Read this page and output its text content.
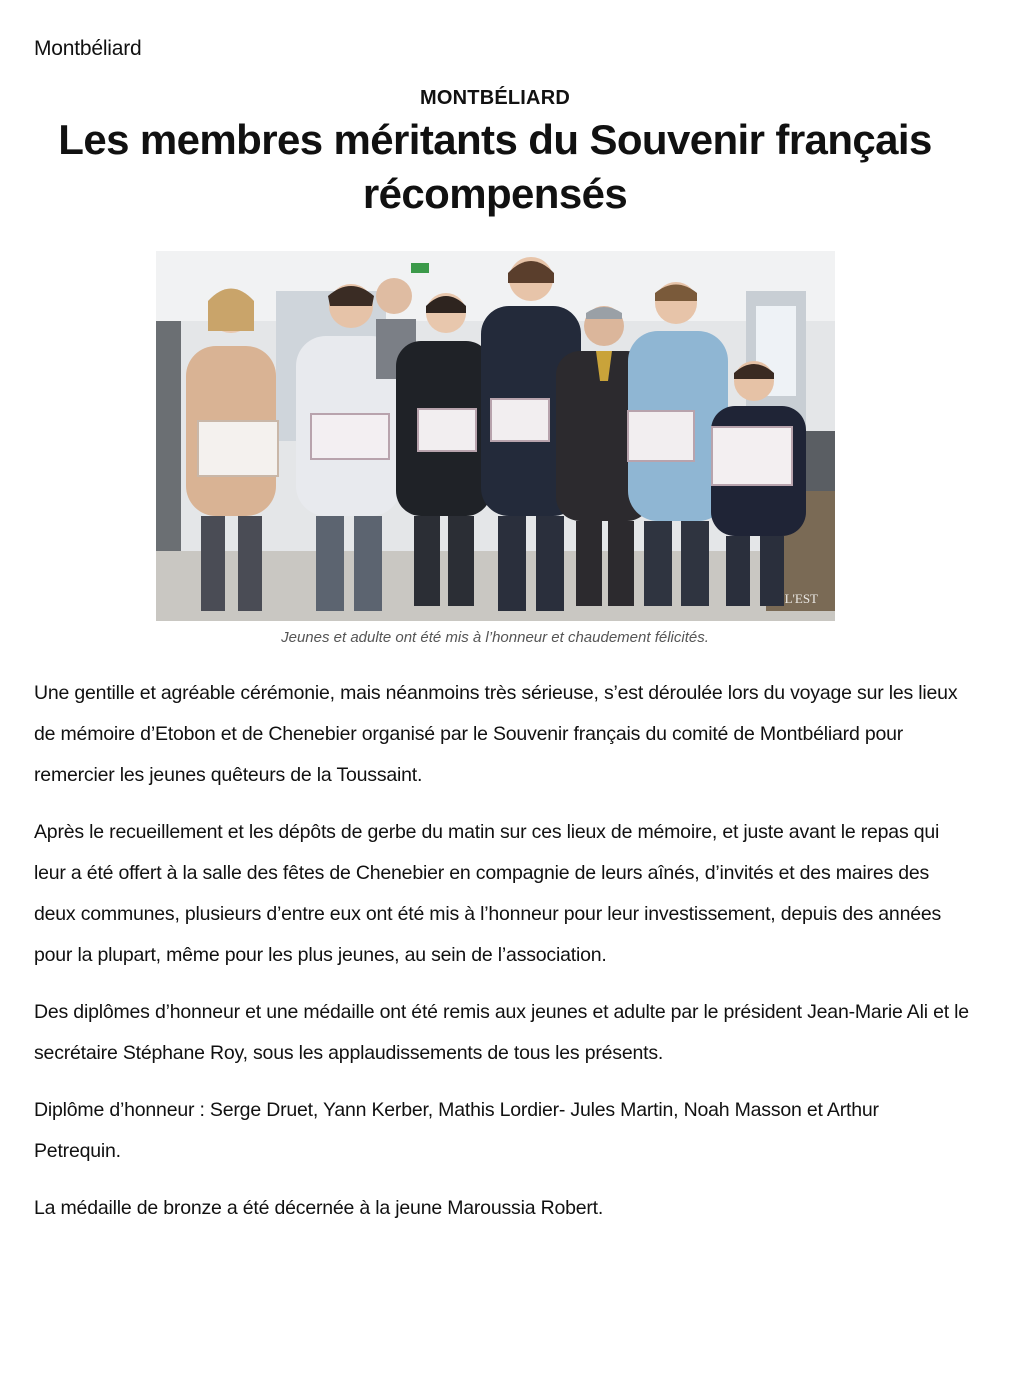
Montbéliard
MONTBÉLIARD
Les membres méritants du Souvenir français récompensés
L'EST
Jeunes et adulte ont été mis à l’honneur et chaudement félicités.

Une gentille et agréable cérémonie, mais néanmoins très sérieuse, s’est déroulée lors du voyage sur les lieux de mémoire d’Etobon et de Chenebier organisé par le Souvenir français du comité de Montbéliard pour remercier les jeunes quêteurs de la Toussaint.

Après le recueillement et les dépôts de gerbe du matin sur ces lieux de mémoire, et juste avant le repas qui leur a été offert à la salle des fêtes de Chenebier en compagnie de leurs aînés, d’invités et des maires des deux communes, plusieurs d’entre eux ont été mis à l’honneur pour leur investissement, depuis des années pour la plupart, même pour les plus jeunes, au sein de l’association.

Des diplômes d’honneur et une médaille ont été remis aux jeunes et adulte par le président Jean-Marie Ali et le secrétaire Stéphane Roy, sous les applaudissements de tous les présents.

Diplôme d’honneur : Serge Druet, Yann Kerber, Mathis Lordier- Jules Martin, Noah Masson et Arthur Petrequin.

La médaille de bronze a été décernée à la jeune Maroussia Robert.
